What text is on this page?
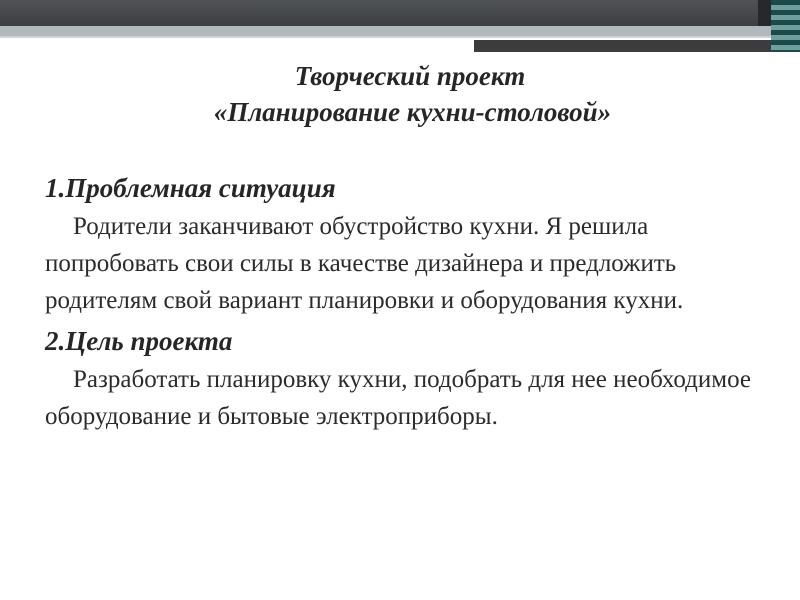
Творческий проект
«Планирование кухни-столовой»
1.Проблемная ситуация

Родители заканчивают обустройство кухни. Я решила попробовать свои силы в качестве дизайнера и предложить родителям свой вариант планировки и оборудования кухни.

2.Цель проекта

Разработать планировку кухни, подобрать для нее необходимое оборудование и бытовые электроприборы.
